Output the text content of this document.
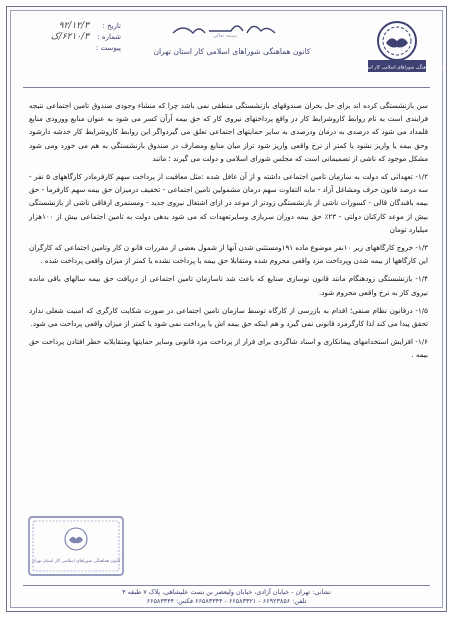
کانون هماهنگی شوراهای اسلامی کار استان تهران
بسمه تعالی
کانون هماهنگی شوراهای اسلامی کار استان تهران
تاریخ :
۹۲/۱۲/۳
شماره :
۶۲۱۰/۳/ک
پیوست :

سن بازنشستگی کرده اند برای حل بحران صندوقهای بازنشستگی منطقی نمی باشد چرا که منشاء وجودی صندوق تامین اجتماعی نتیجه فرایندی است به نام روابط کاروشرایط کار در واقع پرداختهای نیروی کار که حق بیمه آرآن کسر می شود به عنوان منابع وورودی منابع قلمداد می شود که درصدی به درمان ودرصدی به سایر حمایتهای اجتماعی تعلق می گیردواگر این روابط کاروشرایط کار خدشه دارشود وحق بیمه یا واریز نشود یا کمتر از نرخ واقعی واریز شود تراز میان منابع ومصارف در صندوق بازنشستگی به هم می خورد ومی شود مشکل موجود که ناشی از تصمیماتی است که مجلس شورای اسلامی و دولت می گیرند ؛ مانند

۱/۲- تعهداتی که دولت به سازمان تامین اجتماعی داشته و از آن غافل شده :مثل معافیت از پرداخت سهم کارفرمادر کارگاههای ۵ نفر - سه درصد قانون حرف ومشاغل آزاد - مابه التفاوت سهم درمان مشمولین تامین اجتماعی - تخفیف درمیزان حق بیمه سهم کارفرما - حق بیمه بافندگان قالی - کسورات ناشی از بازنشستگی زودتر از موعد در ازای اشتغال نیروی جدید - ومستمری ارفاقی ناشی از بازنشستگی بیش از موعد کارکنان دولتی - ۲۳٪ حق بیمه دوران سربازی وسایرتعهدات که می شود بدهی دولت به تامین اجتماعی بیش از ۱۰۰هزار میلیارد تومان

۱/۳- خروج کارگاههای زیر ۱۰نفر موضوع ماده ۱۹۱ومستثنی شدن آنها از شمول بعضی از مقررات قانو ن کار وتامین اجتماعی که کارگران این کارگاهها از بیمه شدن وپرداخت مزد واقعی محروم شده ومتقابلا حق بیمه یا پرداخت نشده یا کمتر از میزان واقعی پرداخت شده .

۱/۴- بازنشستگی زودهنگام مانند قانون نوسازی صنایع که باعث شد تاسازمان تامین اجتماعی از دریافت حق بیمه سالهای باقی مانده نیروی کار به نرخ واقعی محروم شود.

۱/۵- درقانون نظام صنفی؛ اقدام به بازرسی از کارگاه توسط سازمان تامین اجتماعی در صورت شکایت کارگری که امنیت شغلی ندارد تحقق پیدا می کند لذا کارگرمزد قانونی نمی گیرد و هم اینکه حق بیمه اش یا پرداخت نمی شود یا کمتر از میزان واقعی پرداخت می شود.

۱/۶- افزایش استخدامهای پیمانکاری و اسناد شاگردی برای فرار از پرداخت مزد قانونی وسایر حمایتها ومتقابلابه خطر افتادن پرداخت حق بیمه .

کانون هماهنگی شوراهای اسلامی کار استان تهران
نشانی: تهران - خیابان آزادی، خیابان ولیعصر بن بست علیشاهی، پلاک ۷ طبقه ۳
تلفن: ۶۶۹۲۳۸۵۶ - ۶۶۵۸۳۳۲۱ - ۶۶۵۸۳۳۴۴ فکس: ۶۶۵۸۳۳۴۴
